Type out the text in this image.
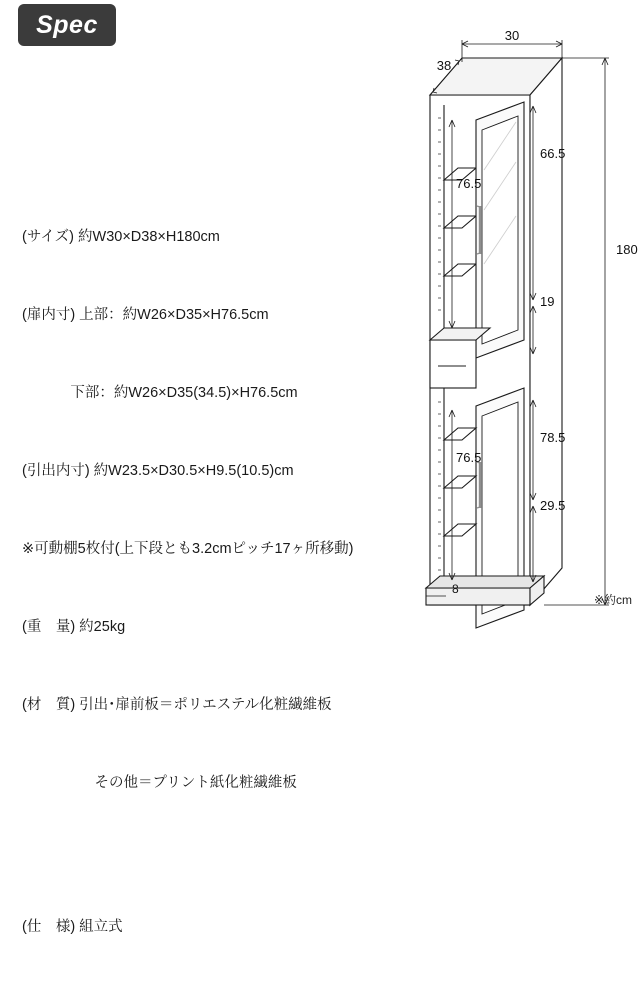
Spec

(サイズ) 約W30×D38×H180cm

(扉内寸) 上部：約W26×D35×H76.5cm

下部：約W26×D35(34.5)×H76.5cm

(引出内寸) 約W23.5×D30.5×H9.5(10.5)cm

※可動棚5枚付(上下段とも3.2cmピッチ17ヶ所移動)

(重　量) 約25kg

(材　質) 引出･扉前板＝ポリエステル化粧繊維板

　　　　　その他＝プリント紙化粧繊維板

(仕　様) 組立式

30
38
180
66.5
19
76.5
78.5
29.5
76.5
8
※約cm
